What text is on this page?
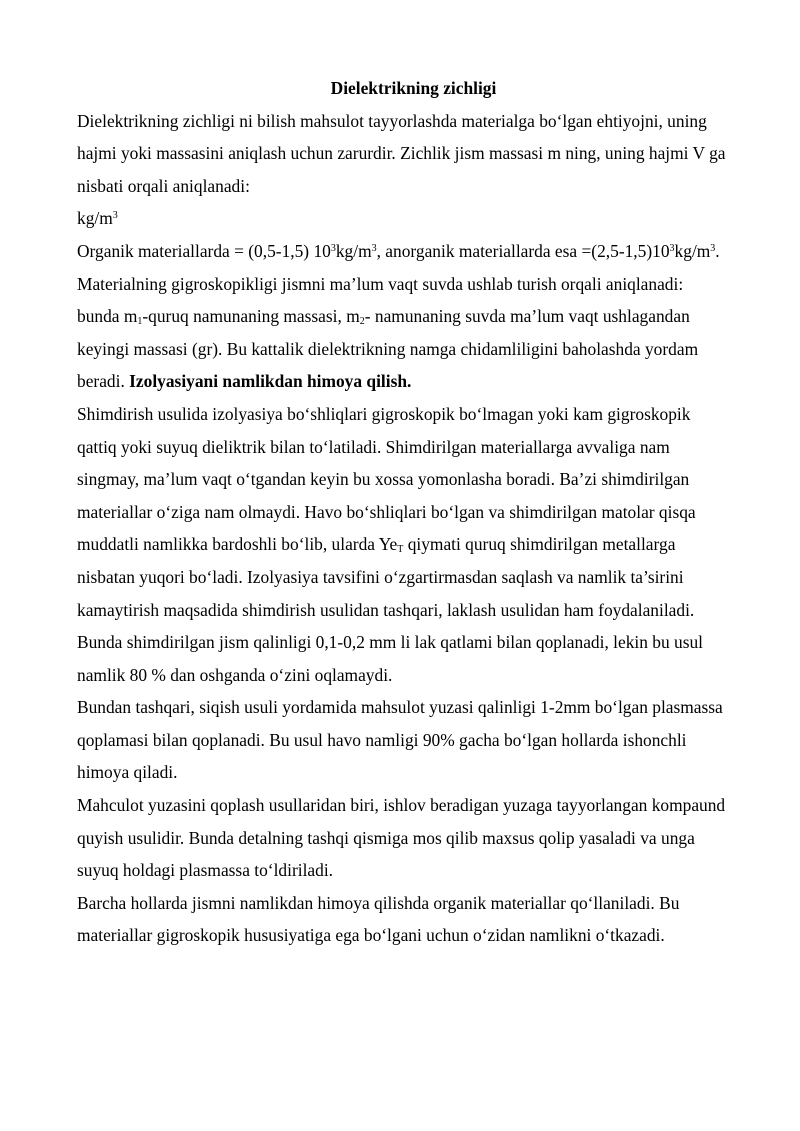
Dielektrikning zichligi
Dielektrikning zichligi ni bilish mahsulot tayyorlashda materialga bo‘lgan ehtiyojni, uning hajmi yoki massasini aniqlash uchun zarurdir. Zichlik jism massasi m ning, uning hajmi V ga nisbati orqali aniqlanadi:
$kg/m^3$
Organik materiallarda = (0,5-1,5) $10^3kg/m^3$, anorganik materiallarda esa $=(2,5-1,5)10^3kg/m^3$. Materialning gigroskopikligi jismni ma’lum vaqt suvda ushlab turish orqali aniqlanadi:
bunda $m_1$-quruq namunaning massasi, $m_2-$ namunaning suvda ma’lum vaqt ushlagandan keyingi massasi (gr). Bu kattalik dielektrikning namga chidamliligini baholashda yordam beradi. Izolyasiyani namlikdan himoya qilish.
Shimdirish usulida izolyasiya bo‘shliqlari gigroskopik bo‘lmagan yoki kam gigroskopik qattiq yoki suyuq dieliktrik bilan to‘latiladi. Shimdirilgan materiallarga avvaliga nam singmay, ma’lum vaqt o‘tgandan keyin bu xossa yomonlasha boradi. Ba’zi shimdirilgan materiallar o‘ziga nam olmaydi. Havo bo‘shliqlari bo‘lgan va shimdirilgan matolar qisqa muddatli namlikka bardoshli bo‘lib, ularda $Ye_T$ qiymati quruq shimdirilgan metallarga nisbatan yuqori bo‘ladi. Izolyasiya tavsifini o‘zgartirmasdan saqlash va namlik ta’sirini kamaytirish maqsadida shimdirish usulidan tashqari, laklash usulidan ham foydalaniladi. Bunda shimdirilgan jism qalinligi 0,1-0,2 mm li lak qatlami bilan qoplanadi, lekin bu usul namlik 80 % dan oshganda o‘zini oqlamaydi.
Bundan tashqari, siqish usuli yordamida mahsulot yuzasi qalinligi 1-2mm bo‘lgan plasmassa qoplamasi bilan qoplanadi. Bu usul havo namligi 90% gacha bo‘lgan hollarda ishonchli himoya qiladi.
Mahculot yuzasini qoplash usullaridan biri, ishlov beradigan yuzaga tayyorlangan kompaund quyish usulidir. Bunda detalning tashqi qismiga mos qilib maxsus qolip yasaladi va unga suyuq holdagi plasmassa to‘ldiriladi.
Barcha hollarda jismni namlikdan himoya qilishda organik materiallar qo‘llaniladi. Bu materiallar gigroskopik hususiyatiga ega bo‘lgani uchun o‘zidan namlikni o‘tkazadi.
